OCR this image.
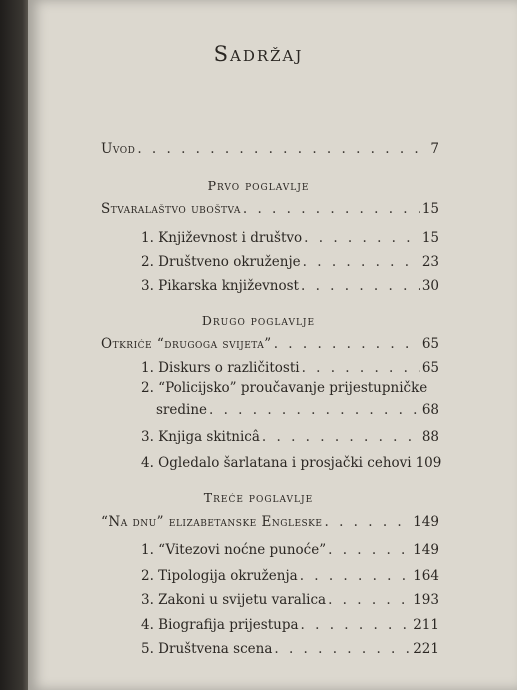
Sadržaj
Uvod . . .	7
Prvo poglavlje
Stvaralaštvo uboštva . . .	15
1. Književnost i društvo . . .	15
2. Društveno okruženje . . .	23
3. Pikarska književnost . . .	30
Drugo poglavlje
Otkriće “drugoga svijeta” . . .	65
1. Diskurs o različitosti . . .	65
2. “Policijsko” proučavanje prijestupničke
sredine . . .	68
3. Knjiga skitnicâ . . .	88
4. Ogledalo šarlatana i prosjački cehovi 109
Treće poglavlje
“Na dnu” elizabetanske Engleske . . .	149
1. “Vitezovi noćne punoće” . . .	149
2. Tipologija okruženja . . .	164
3. Zakoni u svijetu varalica . . .	193
4. Biografija prijestupa . . .	211
5. Društvena scena . . .	221
